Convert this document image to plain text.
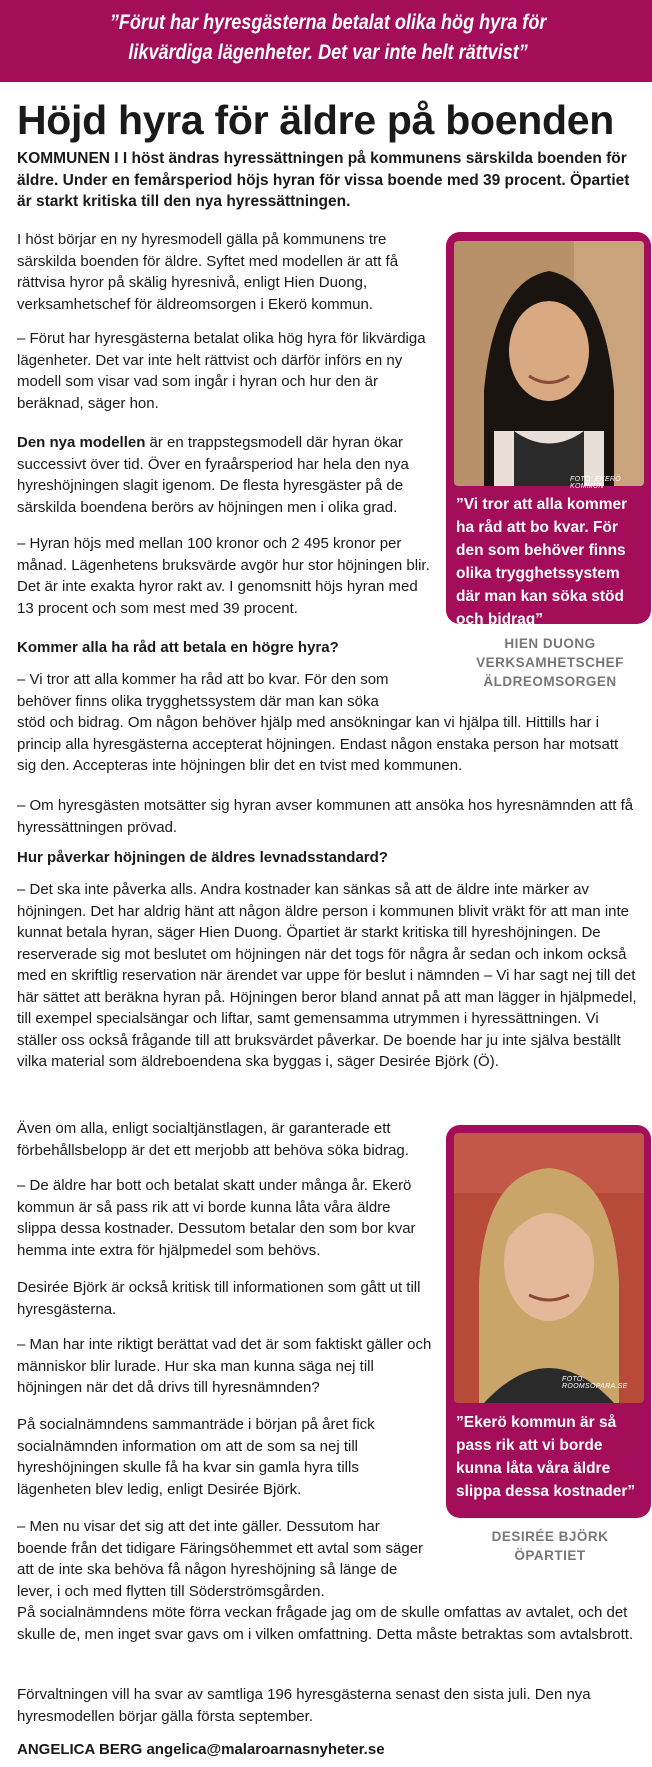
”Förut har hyresgästerna betalat olika hög hyra för
likvärdiga lägenheter. Det var inte helt rättvist”
Höjd hyra för äldre på boenden
KOMMUNEN I I höst ändras hyressättningen på kommunens särskilda boenden för äldre. Under en femårsperiod höjs hyran för vissa boende med 39 procent. Öpartiet är starkt kritiska till den nya hyressättningen.

I höst börjar en ny hyresmodell gälla på kommunens tre särskilda boenden för äldre. Syftet med modellen är att få rättvisa hyror på skälig hyresnivå, enligt Hien Duong, verksamhetschef för äldreomsorgen i Ekerö kommun.

– Förut har hyresgästerna betalat olika hög hyra för likvärdiga lägenheter. Det var inte helt rättvist och därför införs en ny modell som visar vad som ingår i hyran och hur den är beräknad, säger hon.

Den nya modellen är en trappstegsmodell där hyran ökar successivt över tid. Över en fyraårsperiod har hela den nya hyreshöjningen slagit igenom. De flesta hyresgäster på de särskilda boendena berörs av höjningen men i olika grad.

– Hyran höjs med mellan 100 kronor och 2 495 kronor per månad. Lägenhetens bruksvärde avgör hur stor höjningen blir. Det är inte exakta hyror rakt av. I genomsnitt höjs hyran med 13 procent och som mest med 39 procent.

Kommer alla ha råd att betala en högre hyra?

– Vi tror att alla kommer ha råd att bo kvar. För den som behöver finns olika trygghetssystem där man kan söka

stöd och bidrag. Om någon behöver hjälp med ansökningar kan vi hjälpa till. Hittills har i princip alla hyresgästerna accepterat höjningen. Endast någon enstaka person har motsatt sig den. Accepteras inte höjningen blir det en tvist med kommunen.

– Om hyresgästen motsätter sig hyran avser kommunen att ansöka hos hyresnämnden att få hyressättningen prövad.

Hur påverkar höjningen de äldres levnadsstandard?

– Det ska inte påverka alls. Andra kostnader kan sänkas så att de äldre inte märker av höjningen. Det har aldrig hänt att någon äldre person i kommunen blivit vräkt för att man inte kunnat betala hyran, säger Hien Duong. Öpartiet är starkt kritiska till hyreshöjningen. De reserverade sig mot beslutet om höjningen när det togs för några år sedan och inkom också med en skriftlig reservation när ärendet var uppe för beslut i nämnden – Vi har sagt nej till det här sättet att beräkna hyran på. Höjningen beror bland annat på att man lägger in hjälpmedel, till exempel specialsängar och liftar, samt gemensamma utrymmen i hyressättningen. Vi ställer oss också frågande till att bruksvärdet påverkar. De boende har ju inte själva beställt vilka material som äldreboendena ska byggas i, säger Desirée Björk (Ö).

Även om alla, enligt socialtjänstlagen, är garanterade ett förbehållsbelopp är det ett merjobb att behöva söka bidrag.

– De äldre har bott och betalat skatt under många år. Ekerö kommun är så pass rik att vi borde kunna låta våra äldre slippa dessa kostnader. Dessutom betalar den som bor kvar hemma inte extra för hjälpmedel som behövs.

Desirée Björk är också kritisk till informationen som gått ut till hyresgästerna.

– Man har inte riktigt berättat vad det är som faktiskt gäller och människor blir lurade. Hur ska man kunna säga nej till höjningen när det då drivs till hyresnämnden?

På socialnämndens sammanträde i början på året fick socialnämnden information om att de som sa nej till hyreshöjningen skulle få ha kvar sin gamla hyra tills lägenheten blev ledig, enligt Desirée Björk.

– Men nu visar det sig att det inte gäller. Dessutom har boende från det tidigare Färingsöhemmet ett avtal som säger att de inte ska behöva få någon hyreshöjning så länge de lever, i och med flytten till Söderströmsgården.

På socialnämndens möte förra veckan frågade jag om de skulle omfattas av avtalet, och det skulle de, men inget svar gavs om i vilken omfattning. Detta måste betraktas som avtalsbrott.

Förvaltningen vill ha svar av samtliga 196 hyresgästerna senast den sista juli. Den nya hyresmodellen börjar gälla första september.

ANGELICA BERG angelica@malaroarnasnyheter.se
FOTO: EKERÖ KOMMUN
”Vi tror att alla kommer ha råd att bo kvar. För den som behöver finns olika trygghetssystem där man kan söka stöd och bidrag”
HIEN DUONG
VERKSAMHETSCHEF
ÄLDREOMSORGEN
FOTO: ROOMSOPARA.SE
”Ekerö kommun är så pass rik att vi borde kunna låta våra äldre slippa dessa kostnader”
DESIRÉE BJÖRK
ÖPARTIET
